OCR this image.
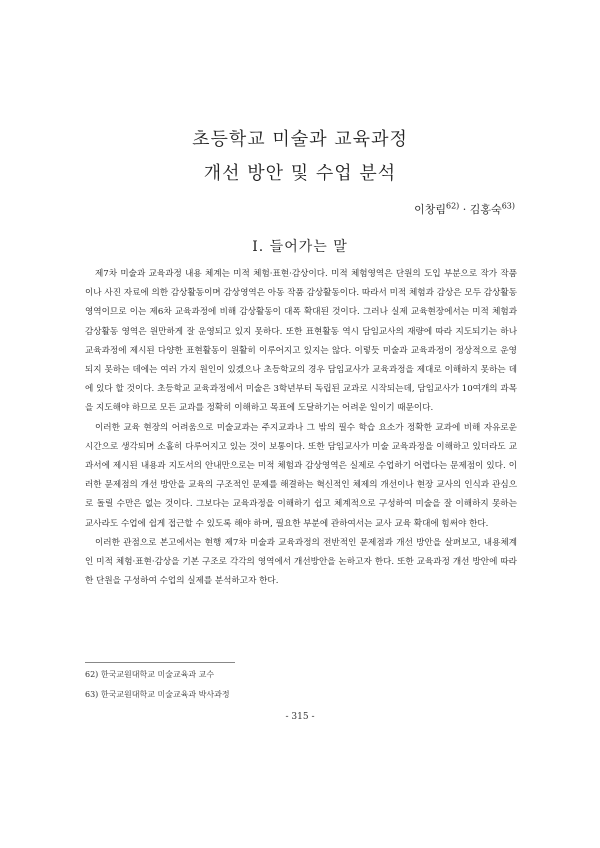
초등학교 미술과 교육과정
개선 방안 및 수업 분석
이창림$^{62)}$ · 김홍숙$^{63)}$
Ⅰ. 들어가는 말

제7차 미술과 교육과정 내용 체계는 미적 체험·표현·감상이다. 미적 체험영역은 단원의 도입 부분으로 작가 작품이나 사진 자료에 의한 감상활동이며 감상영역은 아동 작품 감상활동이다. 따라서 미적 체험과 감상은 모두 감상활동 영역이므로 이는 제6차 교육과정에 비해 감상활동이 대폭 확대된 것이다. 그러나 실제 교육현장에서는 미적 체험과 감상활동 영역은 원만하게 잘 운영되고 있지 못하다. 또한 표현활동 역시 담임교사의 재량에 따라 지도되기는 하나 교육과정에 제시된 다양한 표현활동이 원활히 이루어지고 있지는 않다. 이렇듯 미술과 교육과정이 정상적으로 운영되지 못하는 데에는 여러 가지 원인이 있겠으나 초등학교의 경우 담임교사가 교육과정을 제대로 이해하지 못하는 데에 있다 할 것이다. 초등학교 교육과정에서 미술은 3학년부터 독립된 교과로 시작되는데, 담임교사가 10여개의 과목을 지도해야 하므로 모든 교과를 정확히 이해하고 목표에 도달하기는 어려운 일이기 때문이다.

이러한 교육 현장의 어려움으로 미술교과는 주지교과나 그 밖의 필수 학습 요소가 정확한 교과에 비해 자유로운 시간으로 생각되며 소홀히 다루어지고 있는 것이 보통이다. 또한 담임교사가 미술 교육과정을 이해하고 있더라도 교과서에 제시된 내용과 지도서의 안내만으로는 미적 체험과 감상영역은 실제로 수업하기 어렵다는 문제점이 있다. 이러한 문제점의 개선 방안을 교육의 구조적인 문제를 해결하는 혁신적인 체제의 개선이나 현장 교사의 인식과 관심으로 돌릴 수만은 없는 것이다. 그보다는 교육과정을 이해하기 쉽고 체계적으로 구성하여 미술을 잘 이해하지 못하는 교사라도 수업에 쉽게 접근할 수 있도록 해야 하며, 필요한 부분에 관하여서는 교사 교육 확대에 힘써야 한다.

이러한 관점으로 본고에서는 현행 제7차 미술과 교육과정의 전반적인 문제점과 개선 방안을 살펴보고, 내용체계인 미적 체험·표현·감상을 기본 구조로 각각의 영역에서 개선방안을 논하고자 한다. 또한 교육과정 개선 방안에 따라 한 단원을 구성하여 수업의 실제를 분석하고자 한다.

62) 한국교원대학교 미술교육과 교수
63) 한국교원대학교 미술교육과 박사과정
- 315 -
